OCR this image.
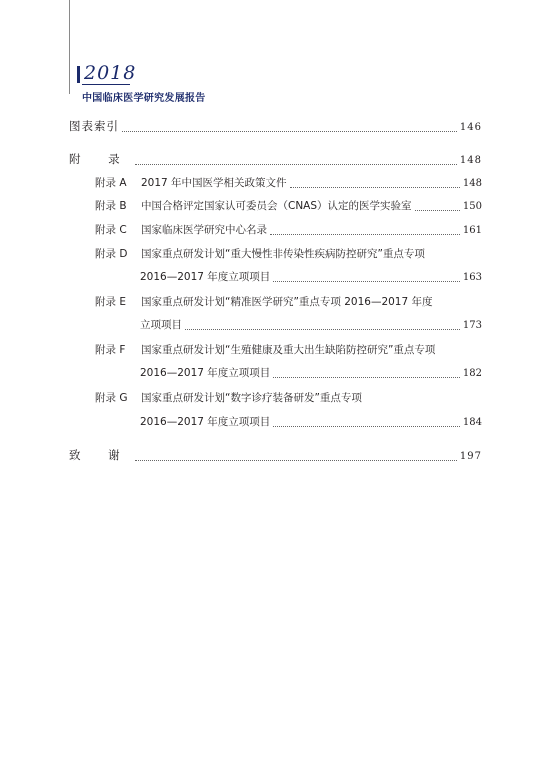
2018
中国临床医学研究发展报告
图表索引	146
附 录	148
附录 A	2017 年中国医学相关政策文件	148
附录 B	中国合格评定国家认可委员会（CNAS）认定的医学实验室	150
附录 C	国家临床医学研究中心名录	161
附录 D	国家重点研发计划“重大慢性非传染性疾病防控研究”重点专项
2016—2017 年度立项项目	163
附录 E	国家重点研发计划“精准医学研究”重点专项 2016—2017 年度
立项项目	173
附录 F	国家重点研发计划“生殖健康及重大出生缺陷防控研究”重点专项
2016—2017 年度立项项目	182
附录 G	国家重点研发计划“数字诊疗装备研发”重点专项
2016—2017 年度立项项目	184
致 谢	197
